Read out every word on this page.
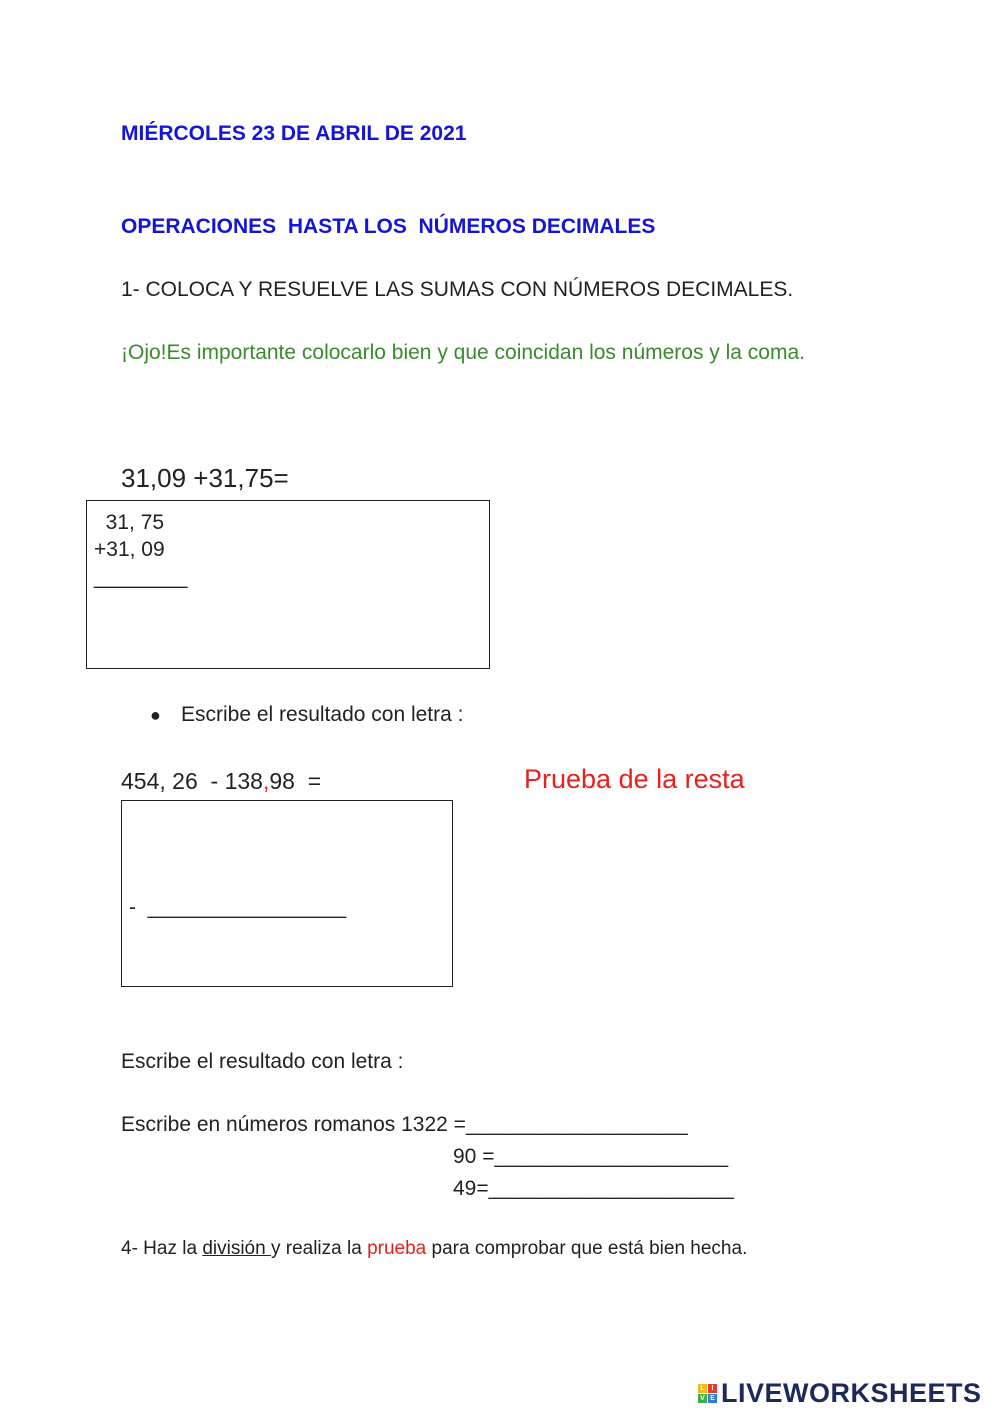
MIÉRCOLES 23 DE ABRIL DE 2021
OPERACIONES  HASTA LOS  NÚMEROS DECIMALES
1- COLOCA Y RESUELVE LAS SUMAS CON NÚMEROS DECIMALES.
¡Ojo!Es importante colocarlo bien y que coincidan los números y la coma.
31,09 +31,75=
31, 75
+31, 09
________
● Escribe el resultado con letra :
454, 26  - 138,98  =	Prueba de la resta
-  _________________
Escribe el resultado con letra :
Escribe en números romanos 1322 =___________________
90 =____________________
49=_____________________
4- Haz la división y realiza la prueba para comprobar que está bien hecha.
L I
V E LIVEWORKSHEETS
